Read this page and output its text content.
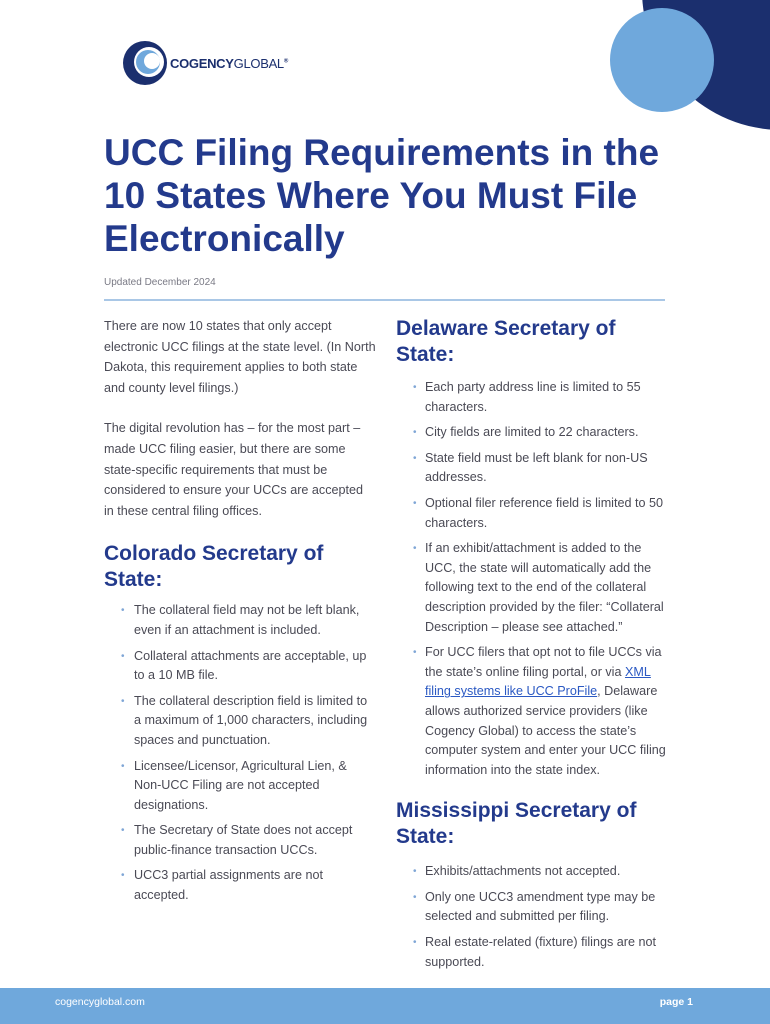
COGENCYGLOBAL®
UCC Filing Requirements in the 10 States Where You Must File Electronically
Updated December 2024

There are now 10 states that only accept electronic UCC filings at the state level. (In North Dakota, this requirement applies to both state and county level filings.)

The digital revolution has – for the most part – made UCC filing easier, but there are some state-specific requirements that must be considered to ensure your UCCs are accepted in these central filing offices.

Colorado Secretary of State:
• The collateral field may not be left blank, even if an attachment is included.
• Collateral attachments are acceptable, up to a 10 MB file.
• The collateral description field is limited to a maximum of 1,000 characters, including spaces and punctuation.
• Licensee/Licensor, Agricultural Lien, & Non-UCC Filing are not accepted designations.
• The Secretary of State does not accept public-finance transaction UCCs.
• UCC3 partial assignments are not accepted.
Delaware Secretary of State:
• Each party address line is limited to 55 characters.
• City fields are limited to 22 characters.
• State field must be left blank for non-US addresses.
• Optional filer reference field is limited to 50 characters.
• If an exhibit/attachment is added to the UCC, the state will automatically add the following text to the end of the collateral description provided by the filer: “Collateral Description – please see attached.”
• For UCC filers that opt not to file UCCs via the state’s online filing portal, or via XML filing systems like UCC ProFile, Delaware allows authorized service providers (like Cogency Global) to access the state’s computer system and enter your UCC filing information into the state index.
Mississippi Secretary of State:
• Exhibits/attachments not accepted.
• Only one UCC3 amendment type may be selected and submitted per filing.
• Real estate-related (fixture) filings are not supported.
cogencyglobal.com	page 1
